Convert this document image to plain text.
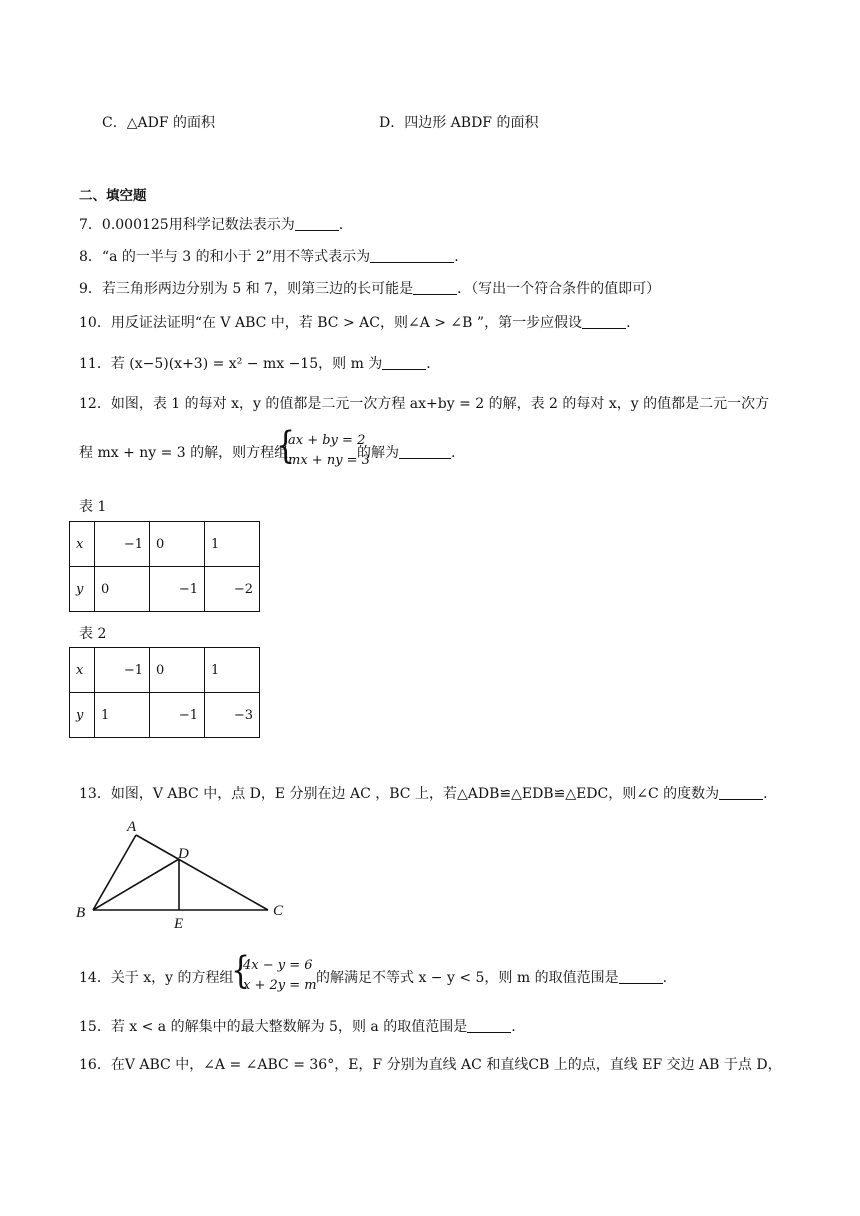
C．△ADF 的面积	D．四边形 ABDF 的面积
二、填空题
7．0.000125用科学记数法表示为	.
8．“a 的一半与 3 的和小于 2”用不等式表示为	.
9．若三角形两边分别为 5 和 7，则第三边的长可能是	．（写出一个符合条件的值即可）
10．用反证法证明“在 V ABC 中，若 BC > AC，则∠A > ∠B ”，第一步应假设	.
11．若 (x−5)(x+3) = x² − mx −15，则 m 为	.
12．如图，表 1 的每对 x，y 的值都是二元一次方程 ax+by = 2 的解，表 2 的每对 x，y 的值都是二元一次方
程 mx + ny = 3 的解，则方程组
{
ax + by = 2
mx + ny = 3
的解为	.
表 1
x	−1	0	1
y	0	−1	−2
表 2
x	−1	0	1
y	1	−1	−3
13．如图，V ABC 中，点 D，E 分别在边 AC ，BC 上，若△ADB≌△EDB≌△EDC，则∠C 的度数为	.
A
B	C
D
E
14．关于 x，y 的方程组
{
4x − y = 6
x + 2y = m 的解满足不等式 x − y < 5，则 m 的取值范围是	.
15．若 x < a 的解集中的最大整数解为 5，则 a 的取值范围是	.
16．在V ABC 中，∠A = ∠ABC = 36°，E，F 分别为直线 AC 和直线CB 上的点，直线 EF 交边 AB 于点 D，
